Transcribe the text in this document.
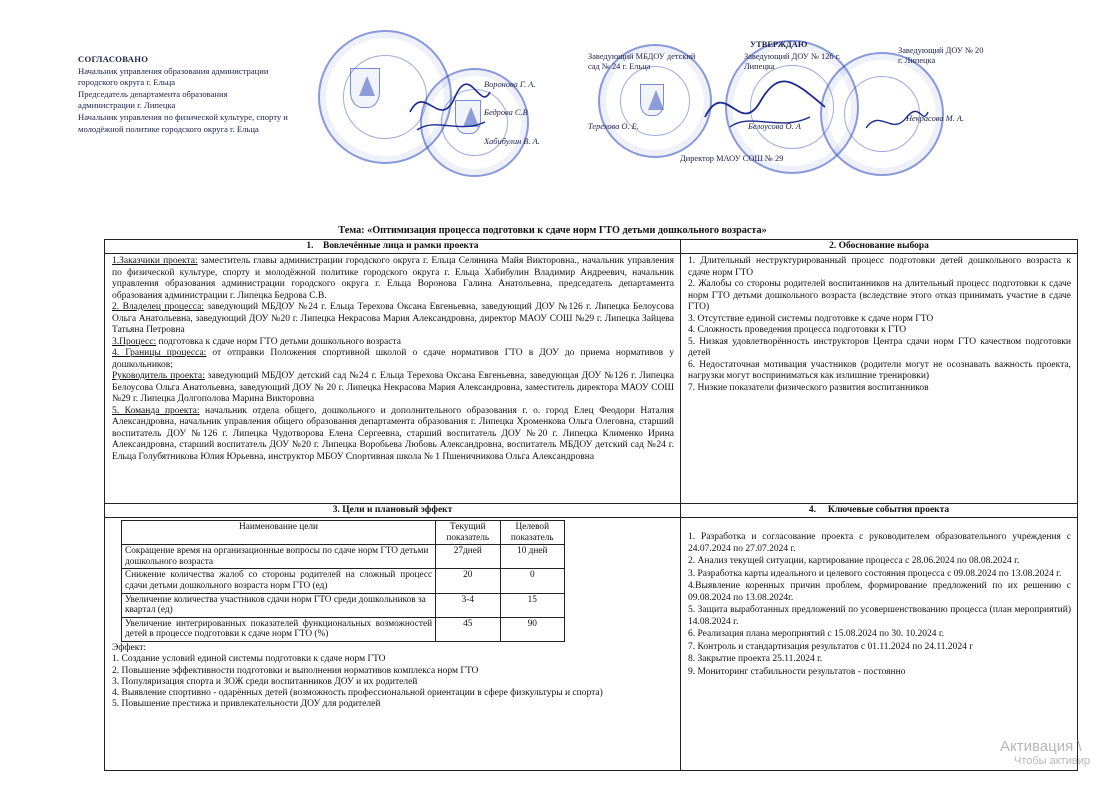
СОГЛАСОВАНО
Начальник управления образования администрации
городского округа г. Ельца
Председатель департамента образования
администрации г. Липецка
Начальник управления по физической культуре, спорту и
молодёжной политике городского округа г. Ельца
Воронова Г. А.
Бедрова С.В
Хабибулин В. А.
Заведующий МБДОУ детский
сад № 24 г. Ельца
Терехова О. Е.
УТВЕРЖДАЮ
Заведующий ДОУ № 126 г.
Липецка
Белоусова О. А
Заведующий ДОУ № 20
г. Липецка
Некрасова М. А.
Директор МАОУ СОШ № 29
Тема: «Оптимизация процесса подготовки к сдаче норм ГТО детьми дошкольного возраста»
1.    Вовлечённые лица и рамки проекта

1.Заказчики проекта: заместитель главы администрации городского округа г. Ельца Селянина Майя Викторовна., начальник управления по физической культуре, спорту и молодёжной политике городского округа г. Ельца Хабибулин Владимир Андреевич, начальник управления образования администрации городского округа г. Ельца Воронова Галина Анатольевна, председатель департамента образования администрации г. Липецка Бедрова С.В.

2. Владелец процесса: заведующий МБДОУ №24 г. Ельца Терехова Оксана Евгеньевна, заведующий ДОУ №126 г. Липецка Белоусова Ольга Анатольевна, заведующий ДОУ №20 г. Липецка Некрасова Мария Александровна, директор МАОУ СОШ №29 г. Липецка Зайцева Татьяна Петровна

3.Процесс: подготовка к сдаче норм ГТО детьми дошкольного возраста

4. Границы процесса: от отправки Положения спортивной школой о сдаче нормативов ГТО в ДОУ до приема нормативов у дошкольников;

Руководитель проекта: заведующий МБДОУ детский сад №24 г. Ельца Терехова Оксана Евгеньевна, заведующая ДОУ №126 г. Липецка Белоусова Ольга Анатольевна, заведующий ДОУ № 20 г. Липецка Некрасова Мария Александровна, заместитель директора МАОУ СОШ №29 г. Липецка Долгополова Марина Викторовна

5. Команда проекта: начальник отдела общего, дошкольного и дополнительного образования г. о. город Елец Феодори Наталия Александровна, начальник управления общего образования департамента образования г. Липецка Хроменкова Ольга Олеговна, старший воспитатель ДОУ №126 г. Липецка Чудотворова Елена Сергеевна, старший воспитатель ДОУ №20 г. Липецка Клименко Ирина Александровна, старший воспитатель ДОУ №20 г. Липецка Воробьева Любовь Александровна, воспитатель МБДОУ детский сад №24 г. Ельца Голубятникова Юлия Юрьевна, инструктор МБОУ Спортивная школа № 1 Пшеничникова Ольга Александровна

2. Обоснование выбора

1. Длительный неструктурированный процесс подготовки детей дошкольного возраста к сдаче норм ГТО

2. Жалобы со стороны родителей воспитанников на длительный процесс подготовки к сдаче норм ГТО детьми дошкольного возраста (вследствие этого отказ принимать участие в сдаче ГТО)

3. Отсутствие единой системы подготовке к сдаче норм ГТО

4. Сложность проведения процесса подготовки к ГТО

5. Низкая удовлетворённость инструкторов Центра сдачи норм ГТО качеством подготовки детей

6. Недостаточная мотивация участников (родители могут не осознавать важность проекта, нагрузки могут восприниматься как излишние тренировки)

7. Низкие показатели физического развития воспитанников

3. Цели и плановый эффект
Наименование цели	Текущий показатель	Целевой показатель
Сокращение время на организационные вопросы по сдаче норм ГТО детьми дошкольного возраста	27дней	10 дней
Снижение количества жалоб со стороны родителей на сложный процесс сдачи детьми дошкольного возраста норм ГТО (ед)	20	0
Увеличение количества участников сдачи норм ГТО среди дошкольников за квартал (ед)	3-4	15
Увеличение интегрированных показателей функциональных возможностей детей в процессе подготовки к сдаче норм ГТО (%)	45	90

Эффект:

1. Создание условий единой системы подготовки к сдаче норм ГТО

2. Повышение эффективности подготовки и выполнения нормативов комплекса норм ГТО

3. Популяризация спорта и ЗОЖ среди воспитанников ДОУ и их родителей

4. Выявление спортивно - одарённых детей (возможность профессиональной ориентации в сфере физкультуры и спорта)

5. Повышение престижа и привлекательности ДОУ для родителей

4.     Ключевые события проекта

1. Разработка и согласование проекта с руководителем образовательного учреждения с 24.07.2024 по 27.07.2024 г.

2. Анализ текущей ситуации, картирование процесса с 28.06.2024 по 08.08.2024 г.

3. Разработка карты идеального и целевого состояния процесса с 09.08.2024 по 13.08.2024 г.

4.Выявление коренных причин проблем, формирование предложений по их решению с 09.08.2024 по 13.08.2024г.

5. Защита выработанных предложений по усовершенствованию процесса (план мероприятий) 14.08.2024 г.

6. Реализация плана мероприятий с 15.08.2024 по 30. 10.2024 г.

7. Контроль и стандартизация результатов с 01.11.2024 по 24.11.2024 г

8. Закрытие проекта 25.11.2024 г.

9. Мониторинг стабильности результатов - постоянно

Активация \
Чтобы активир
